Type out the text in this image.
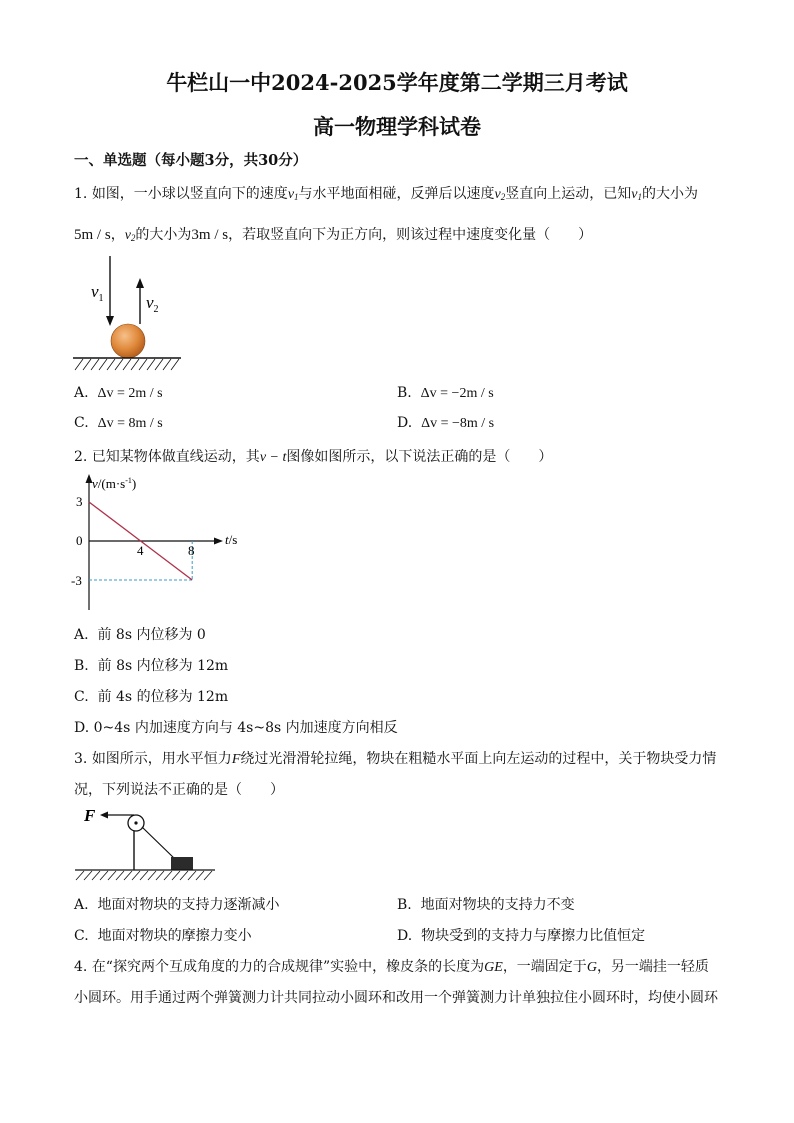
牛栏山一中2024-2025学年度第二学期三月考试
高一物理学科试卷
一、单选题（每小题3分，共30分）
1. 如图，一小球以竖直向下的速度$v_1$与水平地面相碰，反弹后以速度$v_2$竖直向上运动，已知$v_1$的大小为
5m / s，$v_2$的大小为3m / s，若取竖直向下为正方向，则该过程中速度变化量（　　）
$v_1$ $v_2$
A. Δv = 2m / s	B. Δv = −2m / s
C. Δv = 8m / s	D. Δv = −8m / s
2. 已知某物体做直线运动，其v − t图像如图所示，以下说法正确的是（　　）
$v/(m\cdot s^{-1})$
t/s
3
0
-3
4	8
A. 前 8s 内位移为 0
B. 前 8s 内位移为 12m
C. 前 4s 的位移为 12m
D. 0~4s 内加速度方向与 4s~8s 内加速度方向相反
3. 如图所示，用水平恒力F绕过光滑滑轮拉绳，物块在粗糙水平面上向左运动的过程中，关于物块受力情
况，下列说法不正确的是（　　）
F
A. 地面对物块的支持力逐渐减小	B. 地面对物块的支持力不变
C. 地面对物块的摩擦力变小	D. 物块受到的支持力与摩擦力比值恒定
4. 在“探究两个互成角度的力的合成规律”实验中，橡皮条的长度为GE，一端固定于G，另一端挂一轻质
小圆环。用手通过两个弹簧测力计共同拉动小圆环和改用一个弹簧测力计单独拉住小圆环时，均使小圆环
